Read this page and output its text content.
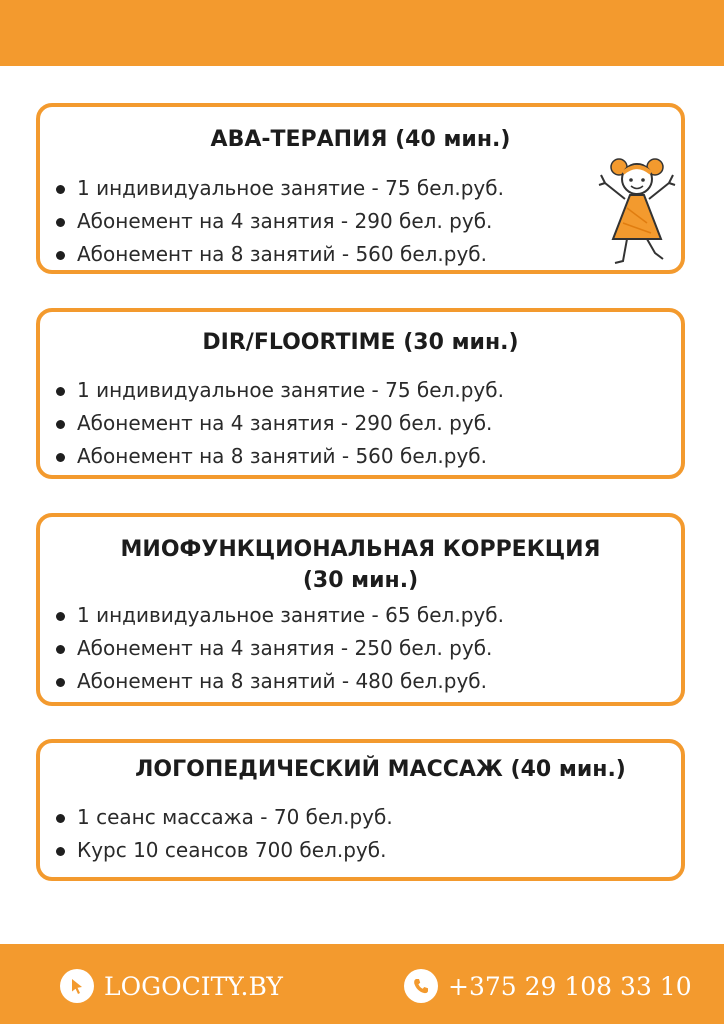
АВА-ТЕРАПИЯ (40 мин.)
1 индивидуальное занятие - 75 бел.руб.
Абонемент на 4 занятия - 290 бел. руб.
Абонемент на 8 занятий - 560 бел.руб.
DIR/FLOORTIME (30 мин.)
1 индивидуальное занятие - 75 бел.руб.
Абонемент на 4 занятия - 290 бел. руб.
Абонемент на 8 занятий - 560 бел.руб.
МИОФУНКЦИОНАЛЬНАЯ КОРРЕКЦИЯ
(30 мин.)
1 индивидуальное занятие - 65 бел.руб.
Абонемент на 4 занятия - 250 бел. руб.
Абонемент на 8 занятий - 480 бел.руб.
ЛОГОПЕДИЧЕСКИЙ МАССАЖ (40 мин.)
1 сеанс массажа - 70 бел.руб.
Курс 10 сеансов 700 бел.руб.
LOGOCITY.BY	+375 29 108 33 10
